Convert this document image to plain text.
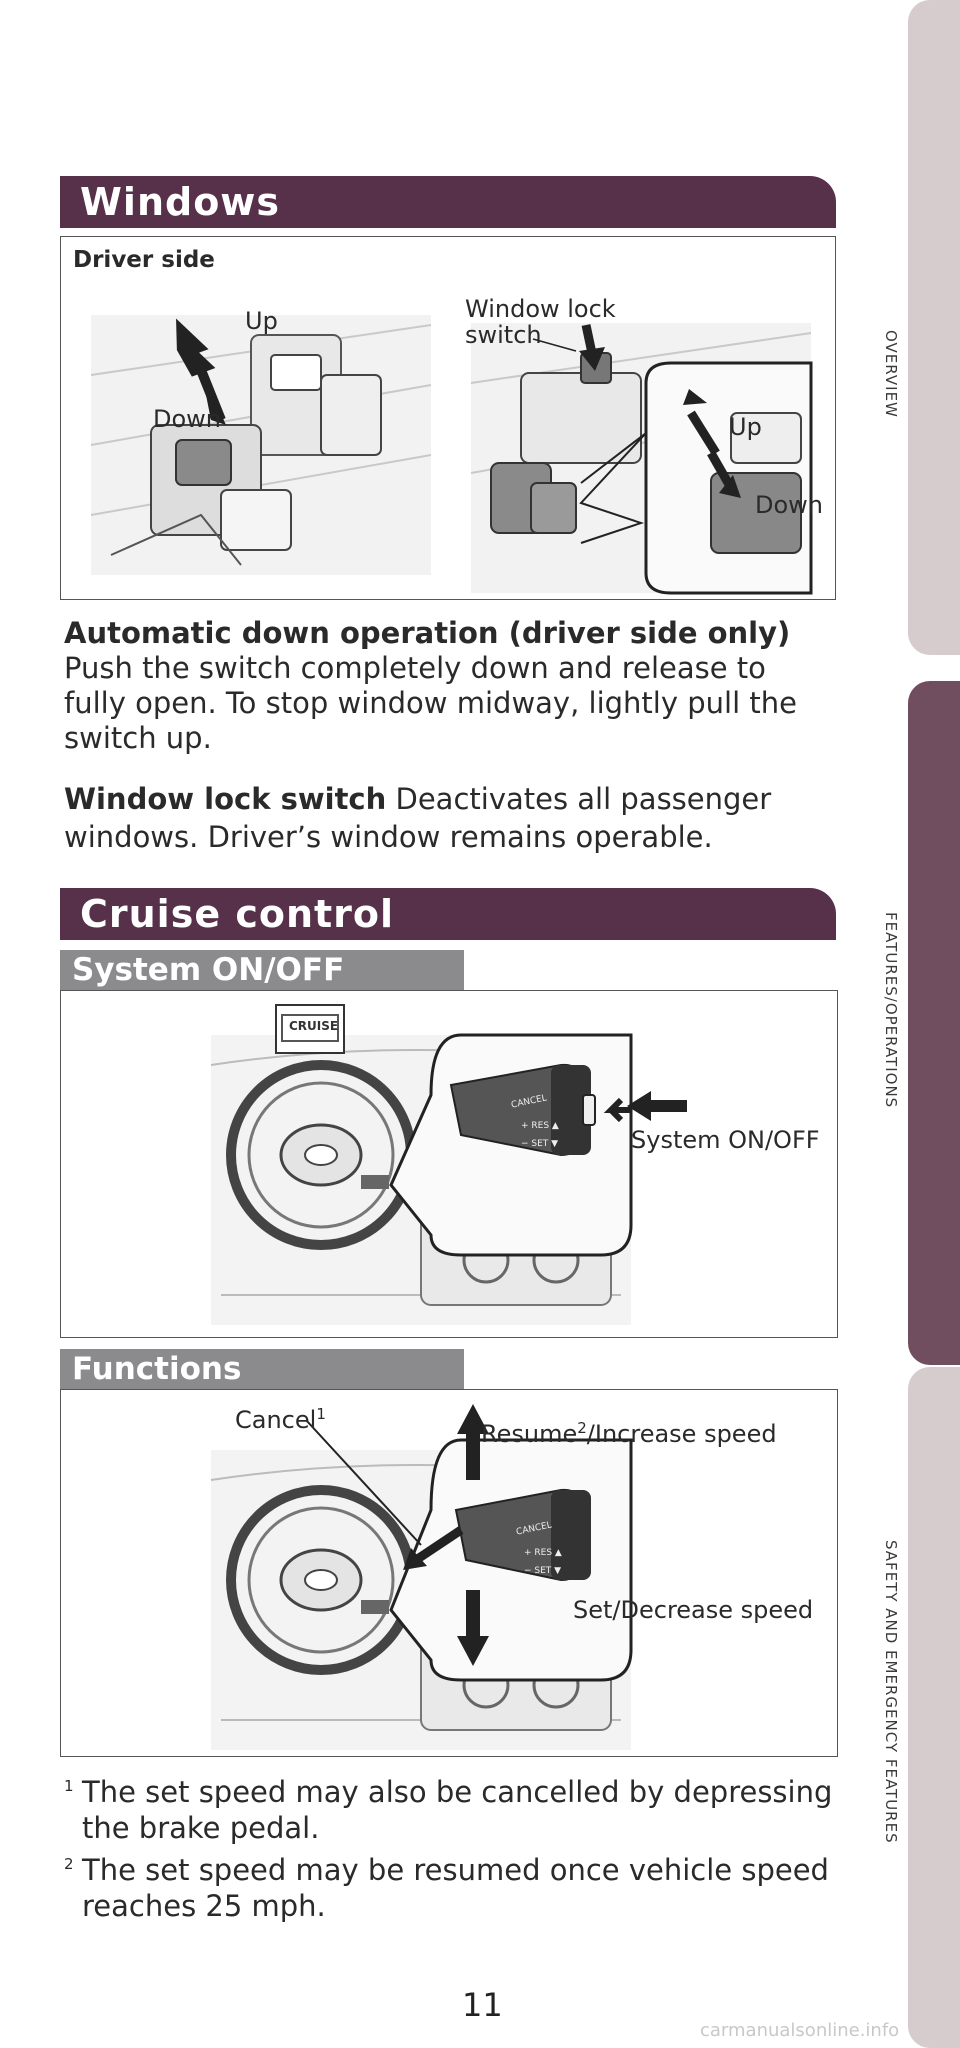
OVERVIEW
FEATURES/OPERATIONS
SAFETY AND EMERGENCY FEATURES
Windows
Driver side
Up
Down
Window lock
switch
Up
Down
Automatic down operation (driver side only)
Push the switch completely down and release to fully open. To stop window midway, lightly pull the switch up.
Window lock switch Deactivates all passenger windows. Driver’s window remains operable.
Cruise control
System ON/OFF
CRUISE
CANCEL
+ RES ▲
− SET ▼	System ON/OFF
Functions
CANCEL
+ RES ▲
− SET ▼
Cancel$^1$
Resume$^2$/Increase speed
Set/Decrease speed
1 The set speed may also be cancelled by depressing the brake pedal.
2 The set speed may be resumed once vehicle speed reaches 25 mph.
11
carmanualsonline.info
